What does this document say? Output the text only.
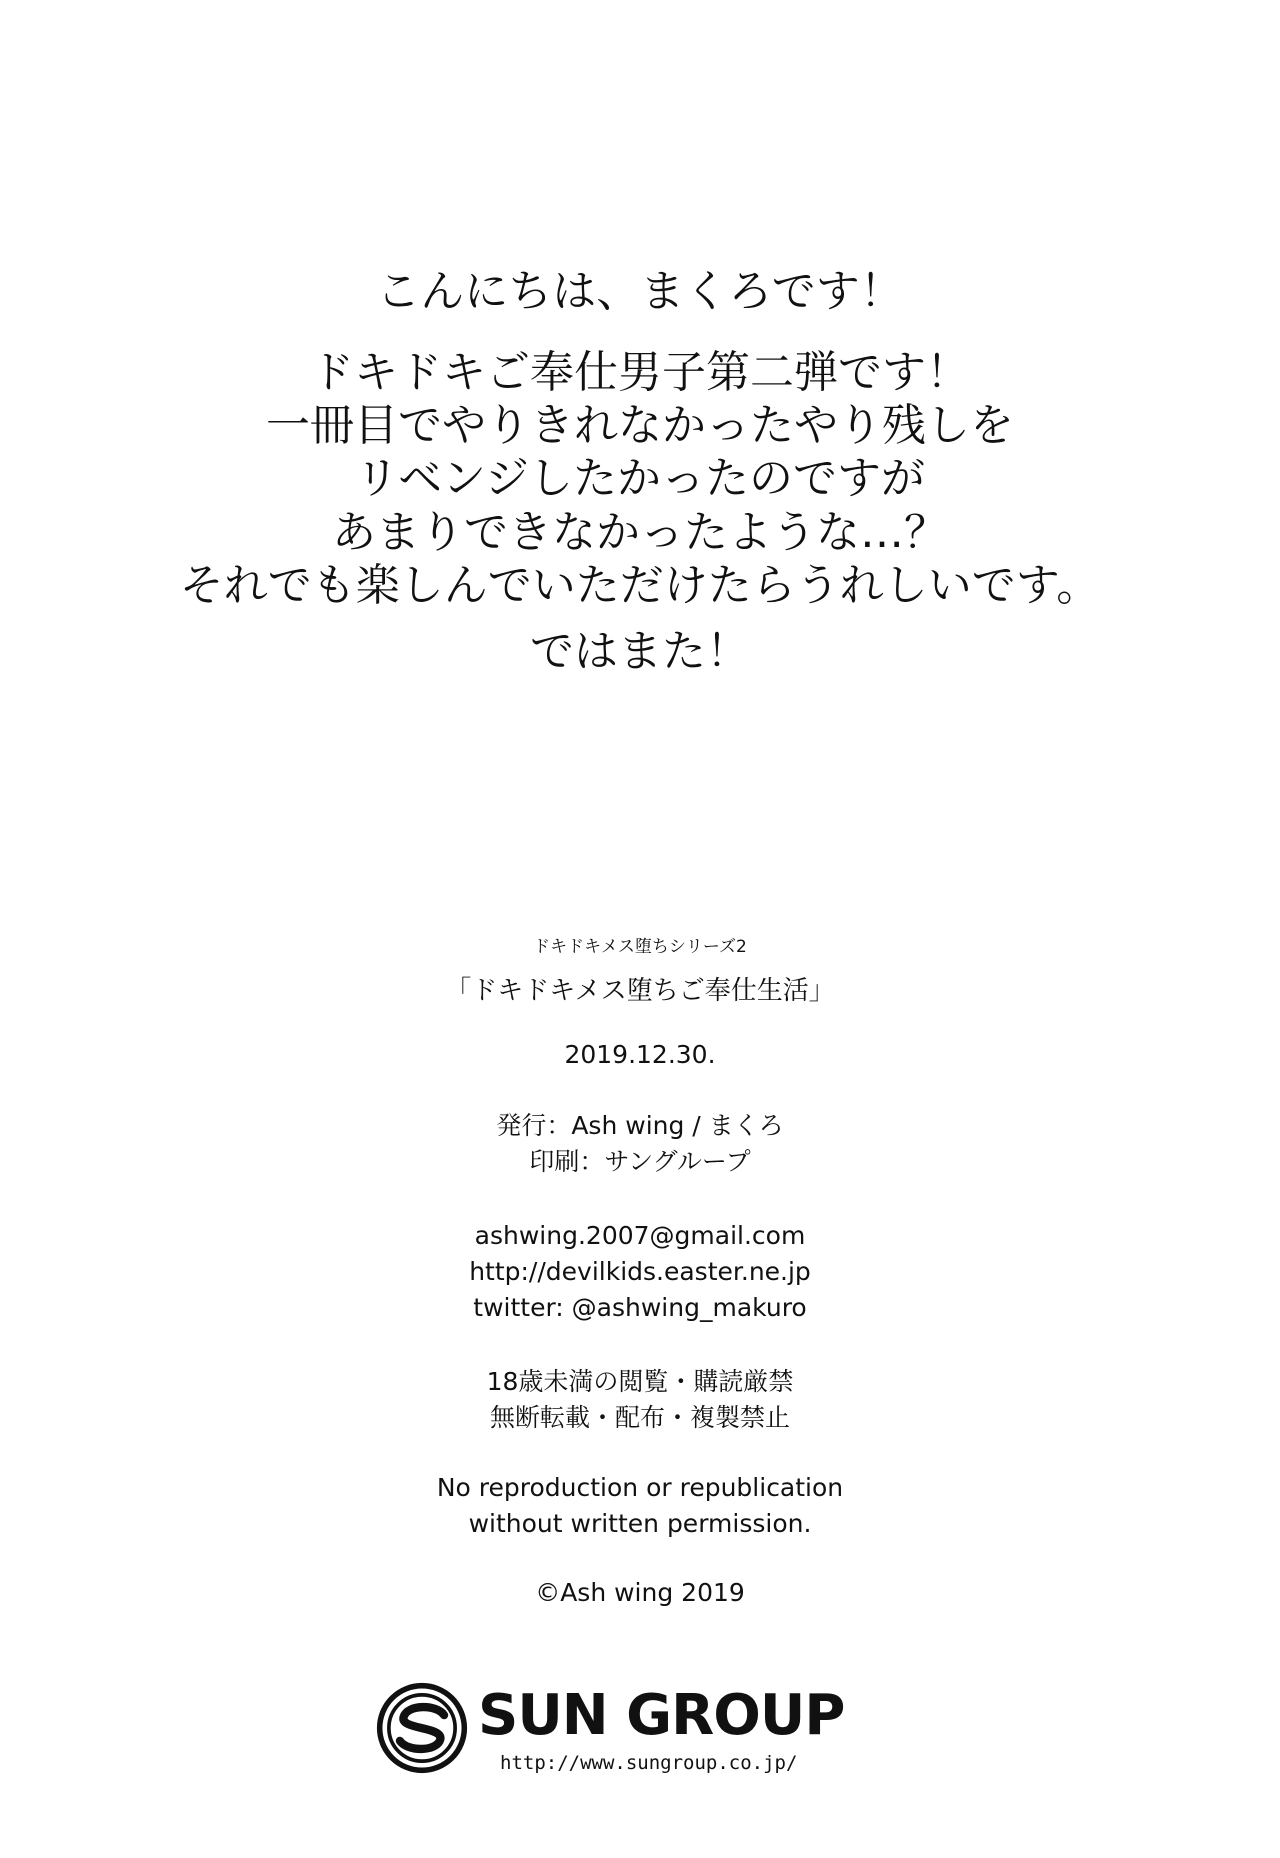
こんにちは、まくろです！
ドキドキご奉仕男子第二弾です！
一冊目でやりきれなかったやり残しを
リベンジしたかったのですが
あまりできなかったような…？
それでも楽しんでいただけたらうれしいです。
ではまた！
ドキドキメス堕ちシリーズ2
「ドキドキメス堕ちご奉仕生活」
2019.12.30.
発行：Ash wing / まくろ
印刷：サングループ
ashwing.2007@gmail.com
http://devilkids.easter.ne.jp
twitter: @ashwing_makuro
18歳未満の閲覧・購読厳禁
無断転載・配布・複製禁止
No reproduction or republication
without written permission.
©Ash wing 2019
SUN GROUP
http://www.sungroup.co.jp/
